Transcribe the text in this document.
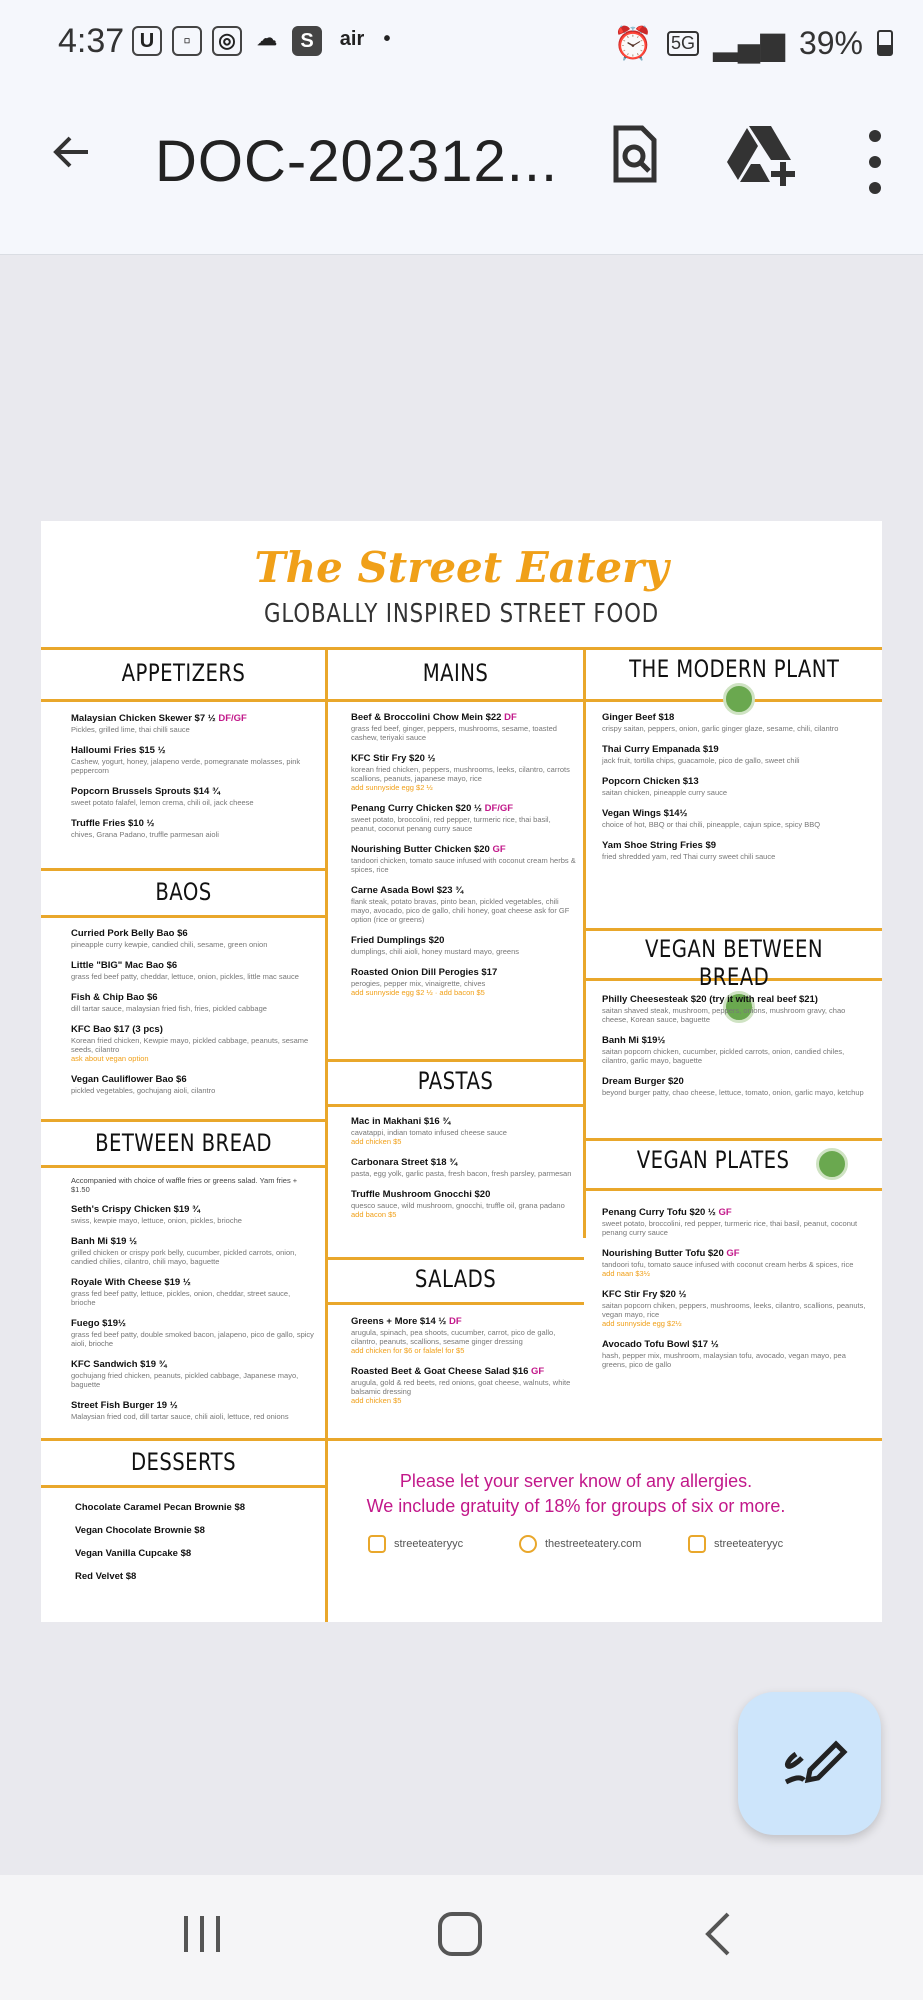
4:37 U	▫	◎	☁	S	air •	⏰ 5G ▂▄▆ 39%
DOC-202312...
The Street Eatery
GLOBALLY INSPIRED STREET FOOD
APPETIZERS
BAOS
BETWEEN BREAD
DESSERTS
MAINS
PASTAS
SALADS
THE MODERN PLANT
VEGAN BETWEEN BREAD
VEGAN PLATES
Malaysian Chicken Skewer $7 ½ DF/GF
Pickles, grilled lime, thai chilli sauce
Halloumi Fries $15 ½
Cashew, yogurt, honey, jalapeno verde, pomegranate molasses, pink peppercorn
Popcorn Brussels Sprouts $14 ¾
sweet potato falafel, lemon crema, chili oil, jack cheese
Truffle Fries $10 ½
chives, Grana Padano, truffle parmesan aioli
Curried Pork Belly Bao $6
pineapple curry kewpie, candied chili, sesame, green onion
Little "BIG" Mac Bao $6
grass fed beef patty, cheddar, lettuce, onion, pickles, little mac sauce
Fish & Chip Bao $6
dill tartar sauce, malaysian fried fish, fries, pickled cabbage
KFC Bao $17 (3 pcs)
Korean fried chicken, Kewpie mayo, pickled cabbage, peanuts, sesame seeds, cilantro
ask about vegan option
Vegan Cauliflower Bao $6
pickled vegetables, gochujang aioli, cilantro
Accompanied with choice of waffle fries or greens salad. Yam fries + $1.50
Seth's Crispy Chicken $19 ¾
swiss, kewpie mayo, lettuce, onion, pickles, brioche
Banh Mi $19 ½
grilled chicken or crispy pork belly, cucumber, pickled carrots, onion, candied chilies, cilantro, chili mayo, baguette
Royale With Cheese $19 ½
grass fed beef patty, lettuce, pickles, onion, cheddar, street sauce, brioche
Fuego $19½
grass fed beef patty, double smoked bacon, jalapeno, pico de gallo, spicy aioli, brioche
KFC Sandwich $19 ¾
gochujang fried chicken, peanuts, pickled cabbage, Japanese mayo, baguette
Street Fish Burger 19 ½
Malaysian fried cod, dill tartar sauce, chili aioli, lettuce, red onions
Chocolate Caramel Pecan Brownie $8
Vegan Chocolate Brownie $8
Vegan Vanilla Cupcake $8
Red Velvet $8
Beef & Broccolini Chow Mein $22 DF
grass fed beef, ginger, peppers, mushrooms, sesame, toasted cashew, teriyaki sauce
KFC Stir Fry $20 ½
korean fried chicken, peppers, mushrooms, leeks, cilantro, carrots scallions, peanuts, japanese mayo, rice
add sunnyside egg $2 ½
Penang Curry Chicken $20 ½ DF/GF
sweet potato, broccolini, red pepper, turmeric rice, thai basil, peanut, coconut penang curry sauce
Nourishing Butter Chicken $20 GF
tandoori chicken, tomato sauce infused with coconut cream herbs & spices, rice
Carne Asada Bowl $23 ¾
flank steak, potato bravas, pinto bean, pickled vegetables, chili mayo, avocado, pico de gallo, chili honey, goat cheese ask for GF option (rice or greens)
Fried Dumplings $20
dumplings, chili aioli, honey mustard mayo, greens
Roasted Onion Dill Perogies $17
perogies, pepper mix, vinaigrette, chives
add sunnyside egg $2 ½ · add bacon $5
Mac in Makhani $16 ¾
cavatappi, indian tomato infused cheese sauce
add chicken $5
Carbonara Street $18 ¾
pasta, egg yolk, garlic pasta, fresh bacon, fresh parsley, parmesan
Truffle Mushroom Gnocchi $20
quesco sauce, wild mushroom, gnocchi, truffle oil, grana padano
add bacon $5
Greens + More $14 ½ DF
arugula, spinach, pea shoots, cucumber, carrot, pico de gallo, cilantro, peanuts, scallions, sesame ginger dressing
add chicken for $6 or falafel for $5
Roasted Beet & Goat Cheese Salad $16 GF
arugula, gold & red beets, red onions, goat cheese, walnuts, white balsamic dressing
add chicken $5
Ginger Beef $18
crispy saitan, peppers, onion, garlic ginger glaze, sesame, chili, cilantro
Thai Curry Empanada $19
jack fruit, tortilla chips, guacamole, pico de gallo, sweet chili
Popcorn Chicken $13
saitan chicken, pineapple curry sauce
Vegan Wings $14½
choice of hot, BBQ or thai chili, pineapple, cajun spice, spicy BBQ
Yam Shoe String Fries $9
fried shredded yam, red Thai curry sweet chili sauce
Philly Cheesesteak $20 (try it with real beef $21)
saitan shaved steak, mushroom, peppers, onions, mushroom gravy, chao cheese, Korean sauce, baguette
Banh Mi $19½
saitan popcorn chicken, cucumber, pickled carrots, onion, candied chiles, cilantro, garlic mayo, baguette
Dream Burger $20
beyond burger patty, chao cheese, lettuce, tomato, onion, garlic mayo, ketchup
Penang Curry Tofu $20 ½ GF
sweet potato, broccolini, red pepper, turmeric rice, thai basil, peanut, coconut penang curry sauce
Nourishing Butter Tofu $20 GF
tandoori tofu, tomato sauce infused with coconut cream herbs & spices, rice
add naan $3½
KFC Stir Fry $20 ½
saitan popcorn chiken, peppers, mushrooms, leeks, cilantro, scallions, peanuts, vegan mayo, rice
add sunnyside egg $2½
Avocado Tofu Bowl $17 ½
hash, pepper mix, mushroom, malaysian tofu, avocado, vegan mayo, pea greens, pico de gallo
Please let your server know of any allergies.
We include gratuity of 18% for groups of six or more.
streeteateryyc	thestreeteatery.com	streeteateryyc
